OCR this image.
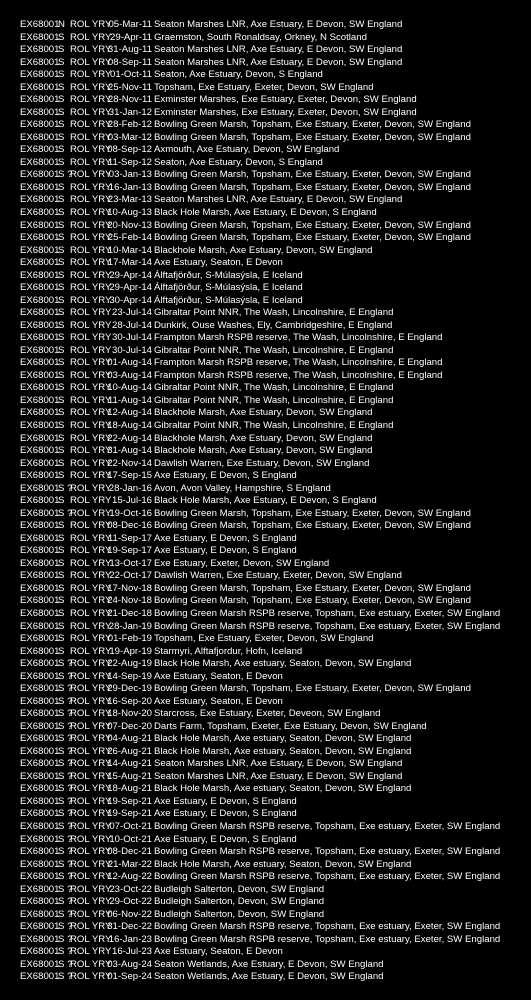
EX68001
N ROL YRY
05-Mar-11 Seaton Marshes LNR, Axe Estuary, E Devon, SW England
EX68001
S ROL YRY
29-Apr-11 Graemston, South Ronaldsay, Orkney, N Scotland
EX68001
S ROL YRY
31-Aug-11 Seaton Marshes LNR, Axe Estuary, E Devon, SW England
EX68001
S ROL YRY
08-Sep-11 Seaton Marshes LNR, Axe Estuary, E Devon, SW England
EX68001
S ROL YRY
01-Oct-11 Seaton, Axe Estuary, Devon, S England
EX68001
S ROL YRY
25-Nov-11 Topsham, Exe Estuary, Exeter, Devon, SW England
EX68001
S ROL YRY
28-Nov-11 Exminster Marshes, Exe Estuary, Exeter, Devon, SW England
EX68001
S ROL YRY
31-Jan-12 Exminster Marshes, Exe Estuary, Exeter, Devon, SW England
EX68001
S ROL YRY
28-Feb-12 Bowling Green Marsh, Topsham, Exe Estuary, Exeter, Devon, SW England
EX68001
S ROL YRY
03-Mar-12 Bowling Green Marsh, Topsham, Exe Estuary, Exeter, Devon, SW England
EX68001
S ROL YRY
08-Sep-12 Axmouth, Axe Estuary, Devon, SW England
EX68001
S ROL YRY
11-Sep-12 Seaton, Axe Estuary, Devon, S England
EX68001
S ?
ROL YRY
03-Jan-13 Bowling Green Marsh, Topsham, Exe Estuary, Exeter, Devon, SW England
EX68001
S ROL YRY
16-Jan-13 Bowling Green Marsh, Topsham, Exe Estuary, Exeter, Devon, SW England
EX68001
S ROL YRY
23-Mar-13 Seaton Marshes LNR, Axe Estuary, E Devon, SW England
EX68001
S ROL YRY
10-Aug-13 Black Hole Marsh, Axe Estuary, E Devon, S England
EX68001
S ROL YRY
20-Nov-13 Bowling Green Marsh, Topsham, Exe Estuary, Exeter, Devon, SW England
EX68001
S ROL YRY
25-Feb-14 Bowling Green Marsh, Topsham, Exe Estuary, Exeter, Devon, SW England
EX68001
S ROL YRY
10-Mar-14 Blackhole Marsh, Axe Estuary, Devon, SW England
EX68001
S ROL YRY
17-Mar-14 Axe Estuary, Seaton, E Devon
EX68001
S ROL YRY
29-Apr-14 Álftafjörður, S-Múlasýsla, E Iceland
EX68001
S ROL YRY
29-Apr-14 Álftafjörður, S-Múlasýsla, E Iceland
EX68001
S ROL YRY
30-Apr-14 Álftafjörður, S-Múlasýsla, E Iceland
EX68001
S ROL YRY 23-Jul-14 Gibraltar Point NNR, The Wash, Lincolnshire, E England
EX68001
S ROL YRY 28-Jul-14 Dunkirk, Ouse Washes, Ely, Cambridgeshire, E England
EX68001
S ROL YRY 30-Jul-14 Frampton Marsh RSPB reserve, The Wash, Lincolnshire, E England
EX68001
S ROL YRY 30-Jul-14 Gibraltar Point NNR, The Wash, Lincolnshire, E England
EX68001
S ROL YRY
01-Aug-14 Frampton Marsh RSPB reserve, The Wash, Lincolnshire, E England
EX68001
S ROL YRY
03-Aug-14 Frampton Marsh RSPB reserve, The Wash, Lincolnshire, E England
EX68001
S ROL YRY
10-Aug-14 Gibraltar Point NNR, The Wash, Lincolnshire, E England
EX68001
S ROL YRY
11-Aug-14 Gibraltar Point NNR, The Wash, Lincolnshire, E England
EX68001
S ROL YRY
12-Aug-14 Blackhole Marsh, Axe Estuary, Devon, SW England
EX68001
S ROL YRY
18-Aug-14 Gibraltar Point NNR, The Wash, Lincolnshire, E England
EX68001
S ROL YRY
22-Aug-14 Blackhole Marsh, Axe Estuary, Devon, SW England
EX68001
S ROL YRY
31-Aug-14 Blackhole Marsh, Axe Estuary, Devon, SW England
EX68001
S ROL YRY
22-Nov-14 Dawlish Warren, Exe Estuary, Devon, SW England
EX68001
S ROL YRY
17-Sep-15 Axe Estuary, E Devon, S England
EX68001
S ?
ROL YRY
28-Jan-16 Avon, Avon Valley, Hampshire, S England
EX68001
S ROL YRY 15-Jul-16 Black Hole Marsh, Axe Estuary, E Devon, S England
EX68001
S ?
ROL YRY
19-Oct-16 Bowling Green Marsh, Topsham, Exe Estuary, Exeter, Devon, SW England
EX68001
S ROL YRY
08-Dec-16 Bowling Green Marsh, Topsham, Exe Estuary, Exeter, Devon, SW England
EX68001
S ROL YRY
11-Sep-17 Axe Estuary, E Devon, S England
EX68001
S ROL YRY
19-Sep-17 Axe Estuary, E Devon, S England
EX68001
S ROL YRY
13-Oct-17 Exe Estuary, Exeter, Devon, SW England
EX68001
S ROL YRY
22-Oct-17 Dawlish Warren, Exe Estuary, Exeter, Devon, SW England
EX68001
S ROL YRY
17-Nov-18 Bowling Green Marsh, Topsham, Exe Estuary, Exeter, Devon, SW England
EX68001
S ROL YRY
24-Nov-18 Bowling Green Marsh, Topsham, Exe Estuary, Exeter, Devon, SW England
EX68001
S ROL YRY
21-Dec-18 Bowling Green Marsh RSPB reserve, Topsham, Exe estuary, Exeter, SW England
EX68001
S ROL YRY
28-Jan-19 Bowling Green Marsh RSPB reserve, Topsham, Exe estuary, Exeter, SW England
EX68001
S ROL YRY
01-Feb-19 Topsham, Exe Estuary, Exeter, Devon, SW England
EX68001
S ROL YRY
19-Apr-19 Starmyri, Alftafjordur, Hofn, Iceland
EX68001
S ?
ROL YRY
22-Aug-19 Black Hole Marsh, Axe estuary, Seaton, Devon, SW England
EX68001
S ?
ROL YRY
14-Sep-19 Axe Estuary, Seaton, E Devon
EX68001
S ?
ROL YRY
29-Dec-19 Bowling Green Marsh, Topsham, Exe Estuary, Exeter, Devon, SW England
EX68001
S ?
ROL YRY
16-Sep-20 Axe Estuary, Seaton, E Devon
EX68001
S ?
ROL YRY
18-Nov-20 Starcross, Exe Estuary, Exeter, Deveon, SW England
EX68001
S ?
ROL YRY
07-Dec-20 Darts Farm, Topsham, Exeter, Exe Estuary, Devon, SW England
EX68001
S ?
ROL YRY
04-Aug-21 Black Hole Marsh, Axe estuary, Seaton, Devon, SW England
EX68001
S ?
ROL YRY
26-Aug-21 Black Hole Marsh, Axe estuary, Seaton, Devon, SW England
EX68001
S ?
ROL YRY
14-Aug-21 Seaton Marshes LNR, Axe Estuary, E Devon, SW England
EX68001
S ?
ROL YRY
15-Aug-21 Seaton Marshes LNR, Axe Estuary, E Devon, SW England
EX68001
S ?
ROL YRY
18-Aug-21 Black Hole Marsh, Axe estuary, Seaton, Devon, SW England
EX68001
S ?
ROL YRY
19-Sep-21 Axe Estuary, E Devon, S England
EX68001
S ?
ROL YRY
19-Sep-21 Axe Estuary, E Devon, S England
EX68001
S ?
ROL YRY
07-Oct-21 Bowling Green Marsh RSPB reserve, Topsham, Exe estuary, Exeter, SW England
EX68001
S ?
ROL YRY
10-Oct-21 Axe Estuary, E Devon, S England
EX68001
S ?
ROL YRY
08-Dec-21 Bowling Green Marsh RSPB reserve, Topsham, Exe estuary, Exeter, SW England
EX68001
S ?
ROL YRY
21-Mar-22 Black Hole Marsh, Axe estuary, Seaton, Devon, SW England
EX68001
S ?
ROL YRY
12-Aug-22 Bowling Green Marsh RSPB reserve, Topsham, Exe estuary, Exeter, SW England
EX68001
S ?
ROL YRY
23-Oct-22 Budleigh Salterton, Devon, SW England
EX68001
S ?
ROL YRY
29-Oct-22 Budleigh Salterton, Devon, SW England
EX68001
S ?
ROL YRY
06-Nov-22 Budleigh Salterton, Devon, SW England
EX68001
S ?
ROL YRY
31-Dec-22 Bowling Green Marsh RSPB reserve, Topsham, Exe estuary, Exeter, SW England
EX68001
S ?
ROL YRY
16-Jan-23 Bowling Green Marsh RSPB reserve, Topsham, Exe estuary, Exeter, SW England
EX68001
S ?
ROL YRY 16-Jul-23 Axe Estuary, Seaton, E Devon
EX68001
S ?
ROL YRY
03-Aug-24 Seaton Wetlands, Axe Estuary, E Devon, SW England
EX68001
S ?
ROL YRY
01-Sep-24 Seaton Wetlands, Axe Estuary, E Devon, SW England
